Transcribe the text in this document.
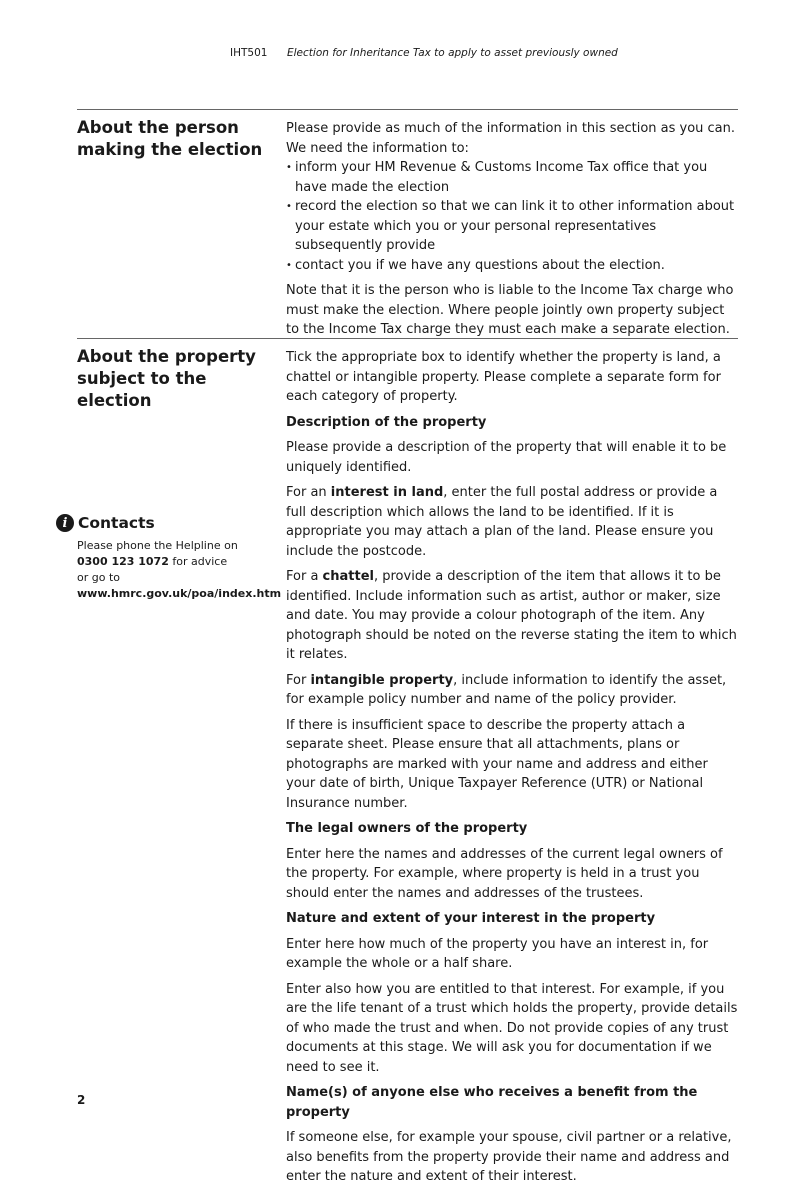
IHT501 Election for Inheritance Tax to apply to asset previously owned
About the person making the election

Please provide as much of the information in this section as you can.

We need the information to:

• inform your HM Revenue & Customs Income Tax office that you have made the election
• record the election so that we can link it to other information about your estate which you or your personal representatives subsequently provide
• contact you if we have any questions about the election.

Note that it is the person who is liable to the Income Tax charge who must make the election. Where people jointly own property subject to the Income Tax charge they must each make a separate election.

About the property subject to the election

Tick the appropriate box to identify whether the property is land, a chattel or intangible property. Please complete a separate form for each category of property.

Description of the property

Please provide a description of the property that will enable it to be uniquely identified.

For an interest in land, enter the full postal address or provide a full description which allows the land to be identified. If it is appropriate you may attach a plan of the land. Please ensure you include the postcode.

For a chattel, provide a description of the item that allows it to be identified. Include information such as artist, author or maker, size and date. You may provide a colour photograph of the item. Any photograph should be noted on the reverse stating the item to which it relates.

For intangible property, include information to identify the asset, for example policy number and name of the policy provider.

If there is insufficient space to describe the property attach a separate sheet. Please ensure that all attachments, plans or photographs are marked with your name and address and either your date of birth, Unique Taxpayer Reference (UTR) or National Insurance number.

The legal owners of the property

Enter here the names and addresses of the current legal owners of the property. For example, where property is held in a trust you should enter the names and addresses of the trustees.

Nature and extent of your interest in the property

Enter here how much of the property you have an interest in, for example the whole or a half share.

Enter also how you are entitled to that interest. For example, if you are the life tenant of a trust which holds the property, provide details of who made the trust and when. Do not provide copies of any trust documents at this stage. We will ask you for documentation if we need to see it.

Name(s) of anyone else who receives a benefit from the property

If someone else, for example your spouse, civil partner or a relative, also benefits from the property provide their name and address and enter the nature and extent of their interest.

i Contacts
Please phone the Helpline on
0300 123 1072 for advice
or go to
www.hmrc.gov.uk/poa/index.htm
2
